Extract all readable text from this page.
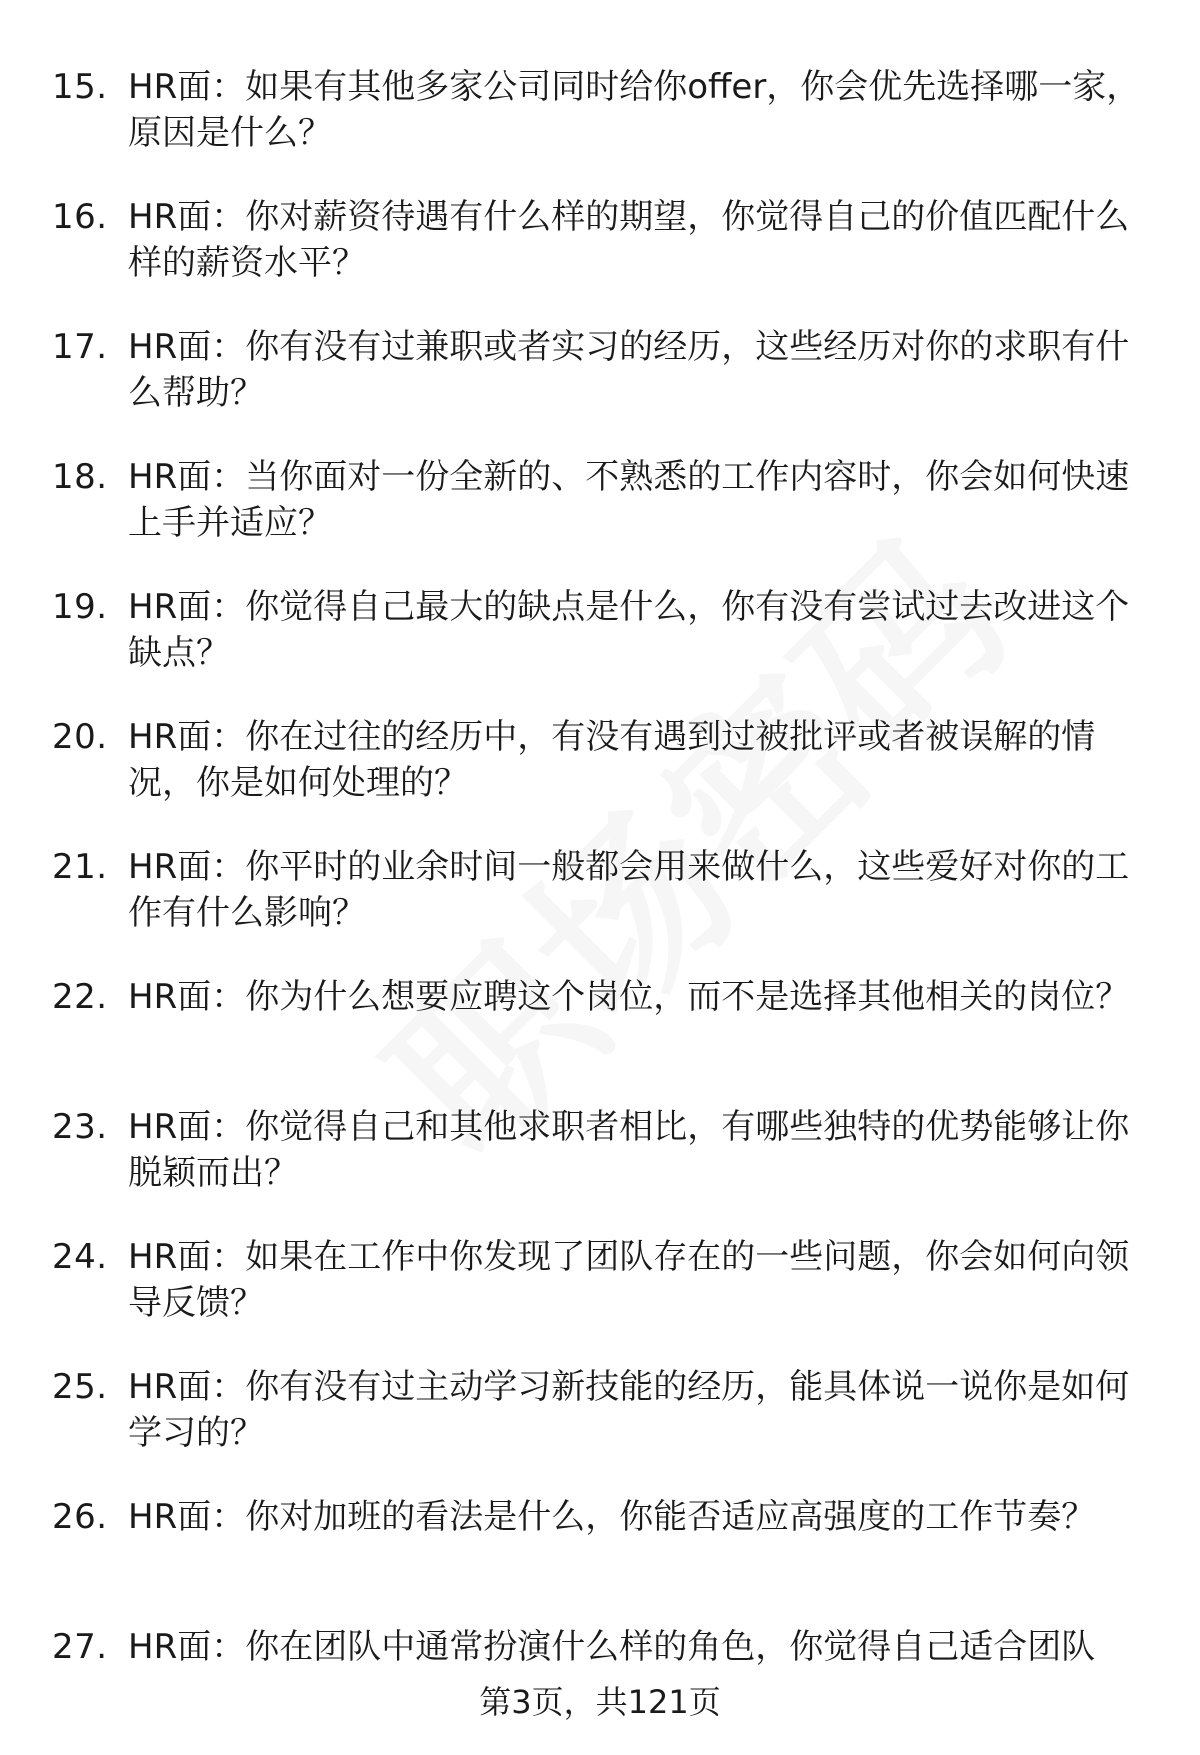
15. HR面：如果有其他多家公司同时给你offer，你会优先选择哪一家，原因是什么？
16. HR面：你对薪资待遇有什么样的期望，你觉得自己的价值匹配什么样的薪资水平？
17. HR面：你有没有过兼职或者实习的经历，这些经历对你的求职有什么帮助？
18. HR面：当你面对一份全新的、不熟悉的工作内容时，你会如何快速上手并适应？
19. HR面：你觉得自己最大的缺点是什么，你有没有尝试过去改进这个缺点？
20. HR面：你在过往的经历中，有没有遇到过被批评或者被误解的情况，你是如何处理的？
21. HR面：你平时的业余时间一般都会用来做什么，这些爱好对你的工作有什么影响？
22. HR面：你为什么想要应聘这个岗位，而不是选择其他相关的岗位？
23. HR面：你觉得自己和其他求职者相比，有哪些独特的优势能够让你脱颖而出？
24. HR面：如果在工作中你发现了团队存在的一些问题，你会如何向领导反馈？
25. HR面：你有没有过主动学习新技能的经历，能具体说一说你是如何学习的？
26. HR面：你对加班的看法是什么，你能否适应高强度的工作节奏？
27. HR面：你在团队中通常扮演什么样的角色，你觉得自己适合团队
第3页，共121页
